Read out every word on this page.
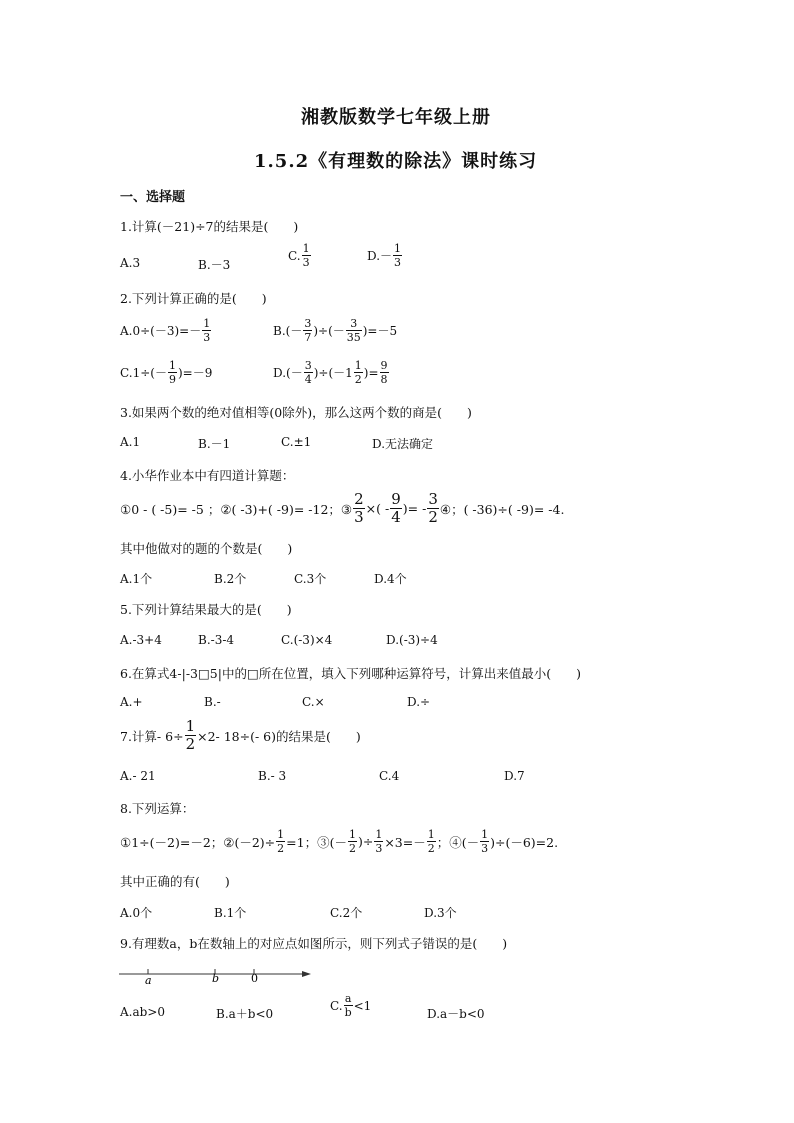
湘教版数学七年级上册
1.5.2《有理数的除法》课时练习
一、选择题
1.计算(－21)÷7的结果是(　　)
A.3	B.－3
C. $\frac{1}{3}$	$D.- \frac{1}{3}$
2.下列计算正确的是(　　)
$A.0\div(-3)=- \frac{1}{3}$	$B.(- \frac{3}{7}$ )÷(－ $\frac{3}{35} )=-5$
$C.1\div(- \frac{1}{9} )=-9$	$D.(- \frac{3}{4} )\div(-1 \frac{1}{2}$ )= $\frac{9}{8}$
3.如果两个数的绝对值相等(0除外)，那么这两个数的商是(　　)
A.1	B.－1	C.±1	D.无法确定
4.小华作业本中有四道计算题：
①0 - ( -5)= -5 ；②( -3)+( -9)= -12；③ $\frac{2}{3}$ ×( - $\frac{9}{4}$ )= - $\frac{3}{2}$ ④；( -36)÷( -9)= -4.
其中他做对的题的个数是(　　)
A.1个	B.2个	C.3个	D.4个
5.下列计算结果最大的是(　　)
A.-3+4	B.-3-4	C.(-3)×4	D.(-3)÷4
6.在算式4-|-3□5|中的□所在位置，填入下列哪种运算符号，计算出来值最小(　　)
A.+	B.-	C.×	D.÷
7.计算- $6\div \frac{1}{2} \times 2-$ 18÷(- 6)的结果是(　　)
A.- 21	B.- 3	C.4	D.7
8.下列运算：
①1÷(－2)=－2；②(－2)÷ $\frac{1}{2} =1$；③(－ $\frac{1}{2}$ )÷ $\frac{1}{3} \times 3=- \frac{1}{2}$ ；④(－ $\frac{1}{3} )\div(-6)=2$.
其中正确的有(　　)
A.0个	B.1个	C.2个	D.3个
9.有理数a，b在数轴上的对应点如图所示，则下列式子错误的是(　　)
a	b	0
A.ab>0	B.a＋b<0
C. $\frac{a}{b} <1$
D.a－b<0
